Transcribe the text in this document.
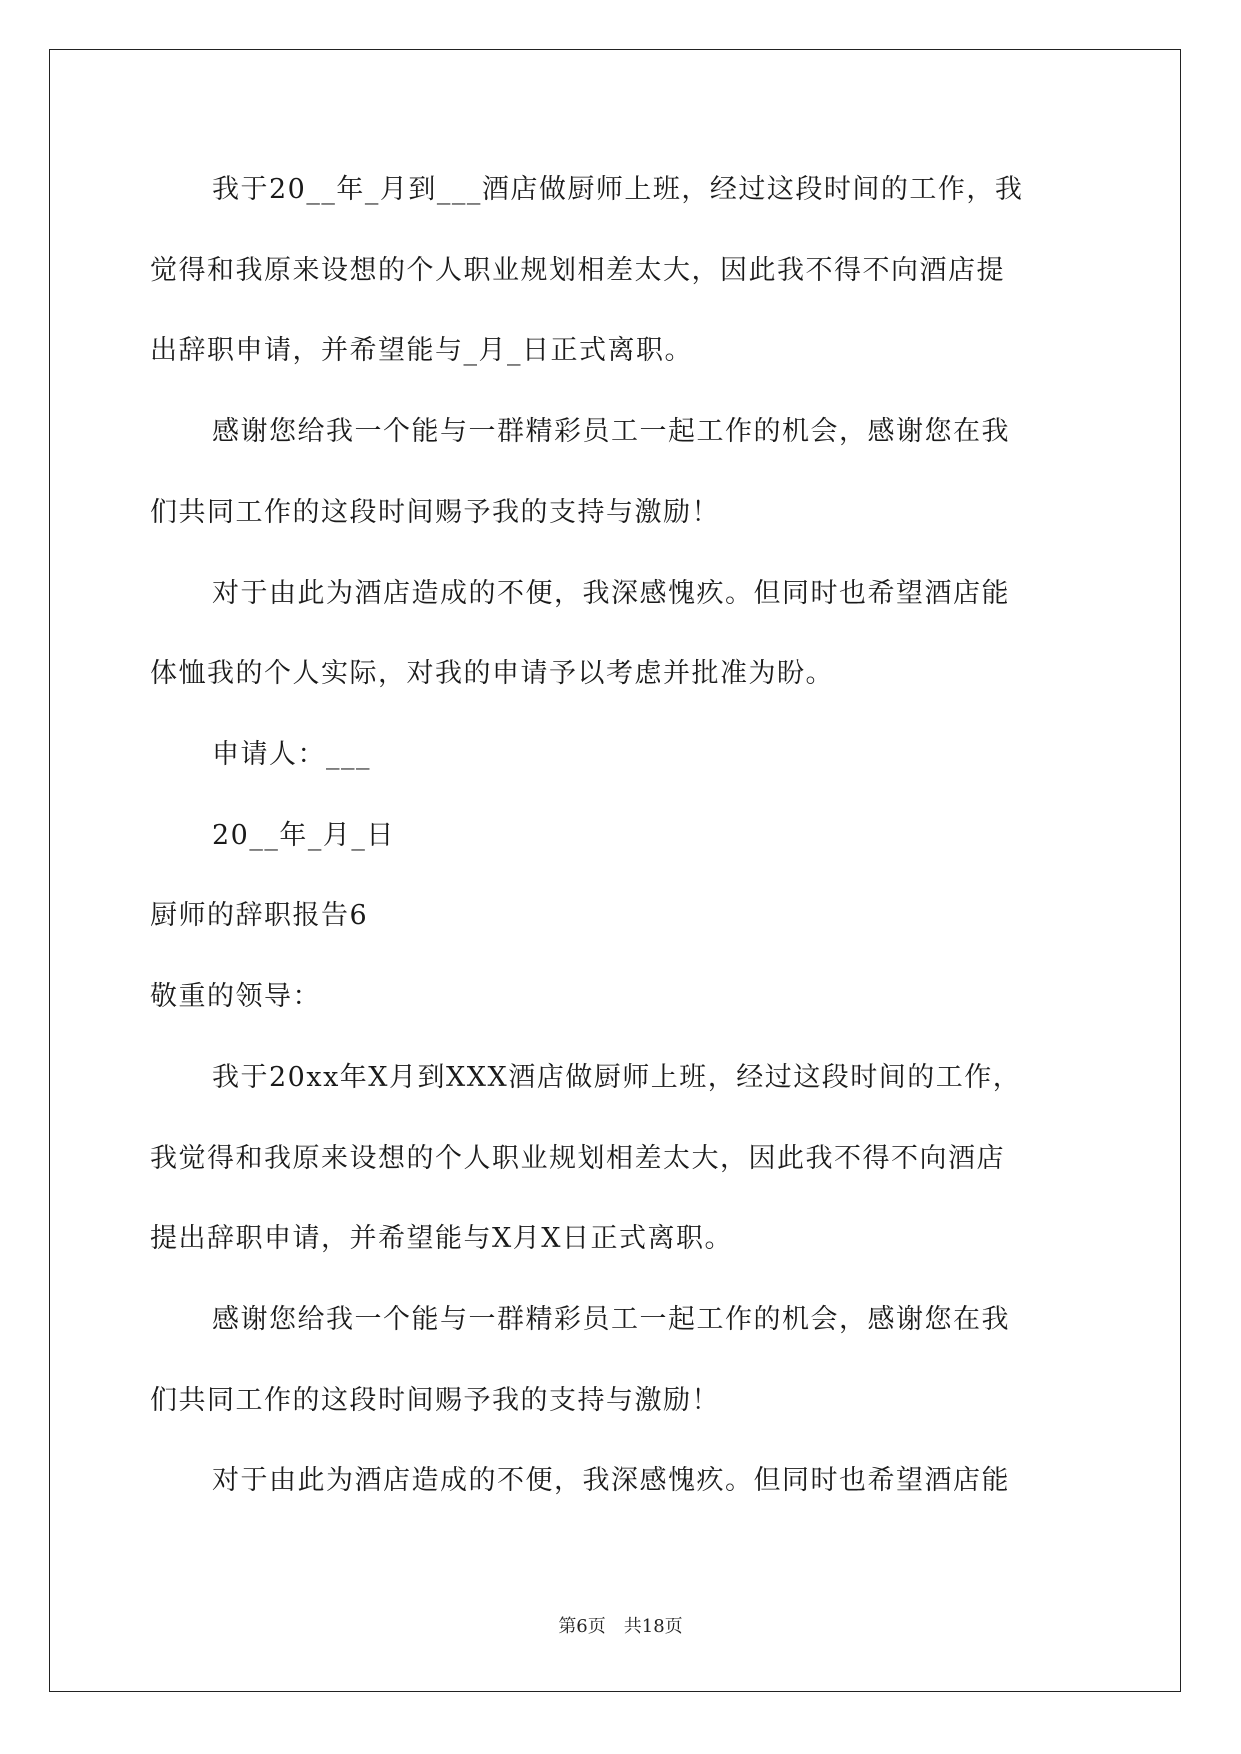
我于20__年_月到___酒店做厨师上班，经过这段时间的工作，我
觉得和我原来设想的个人职业规划相差太大，因此我不得不向酒店提
出辞职申请，并希望能与_月_日正式离职。
感谢您给我一个能与一群精彩员工一起工作的机会，感谢您在我
们共同工作的这段时间赐予我的支持与激励！
对于由此为酒店造成的不便，我深感愧疚。但同时也希望酒店能
体恤我的个人实际，对我的申请予以考虑并批准为盼。
申请人：___
20__年_月_日
厨师的辞职报告6
敬重的领导：
我于20xx年X月到XXX酒店做厨师上班，经过这段时间的工作，
我觉得和我原来设想的个人职业规划相差太大，因此我不得不向酒店
提出辞职申请，并希望能与X月X日正式离职。
感谢您给我一个能与一群精彩员工一起工作的机会，感谢您在我
们共同工作的这段时间赐予我的支持与激励！
对于由此为酒店造成的不便，我深感愧疚。但同时也希望酒店能
第6页　共18页
